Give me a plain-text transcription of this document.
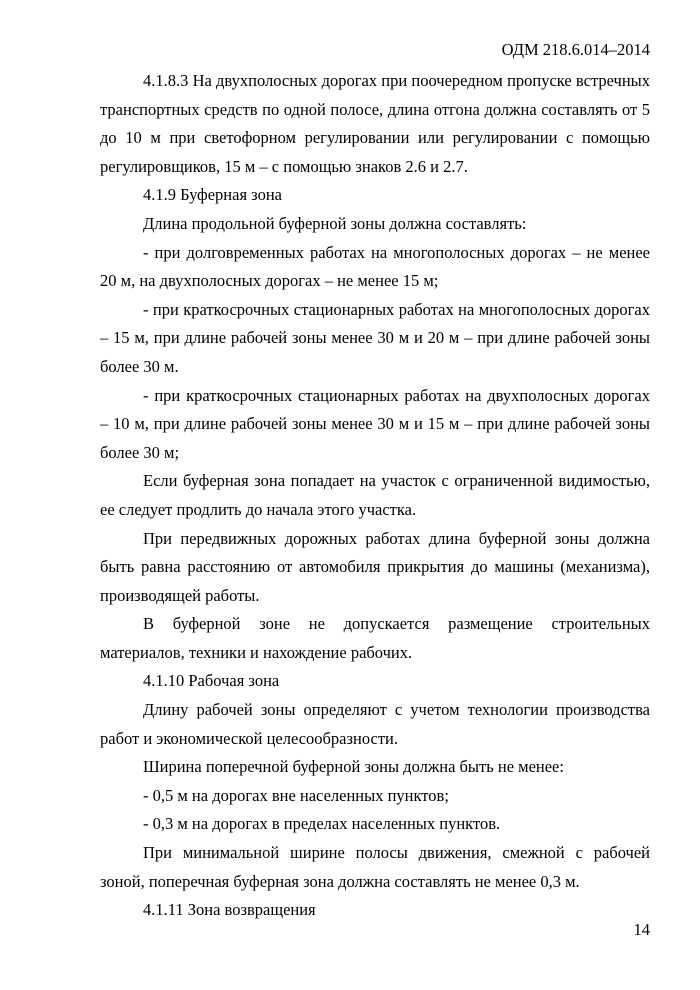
ОДМ 218.6.014–2014

4.1.8.3 На двухполосных дорогах при поочередном пропуске встречных транспортных средств по одной полосе, длина отгона должна составлять от 5 до 10 м при светофорном регулировании или регулировании с помощью регулировщиков, 15 м – с помощью знаков 2.6 и 2.7.

4.1.9 Буферная зона

Длина продольной буферной зоны должна составлять:

- при долговременных работах на многополосных дорогах – не менее 20 м, на двухполосных дорогах – не менее 15 м;

- при краткосрочных стационарных работах на многополосных дорогах – 15 м, при длине рабочей зоны менее 30 м и 20 м – при длине рабочей зоны более 30 м.

- при краткосрочных стационарных работах на двухполосных дорогах – 10 м, при длине рабочей зоны менее 30 м и 15 м – при длине рабочей зоны более 30 м;

Если буферная зона попадает на участок с ограниченной видимостью, ее следует продлить до начала этого участка.

При передвижных дорожных работах длина буферной зоны должна быть равна расстоянию от автомобиля прикрытия до машины (механизма), производящей работы.

В буферной зоне не допускается размещение строительных материалов, техники и нахождение рабочих.

4.1.10 Рабочая зона

Длину рабочей зоны определяют с учетом технологии производства работ и экономической целесообразности.

Ширина поперечной буферной зоны должна быть не менее:

- 0,5 м на дорогах вне населенных пунктов;

- 0,3 м на дорогах в пределах населенных пунктов.

При минимальной ширине полосы движения, смежной с рабочей зоной, поперечная буферная зона должна составлять не менее 0,3 м.

4.1.11 Зона возвращения

14
